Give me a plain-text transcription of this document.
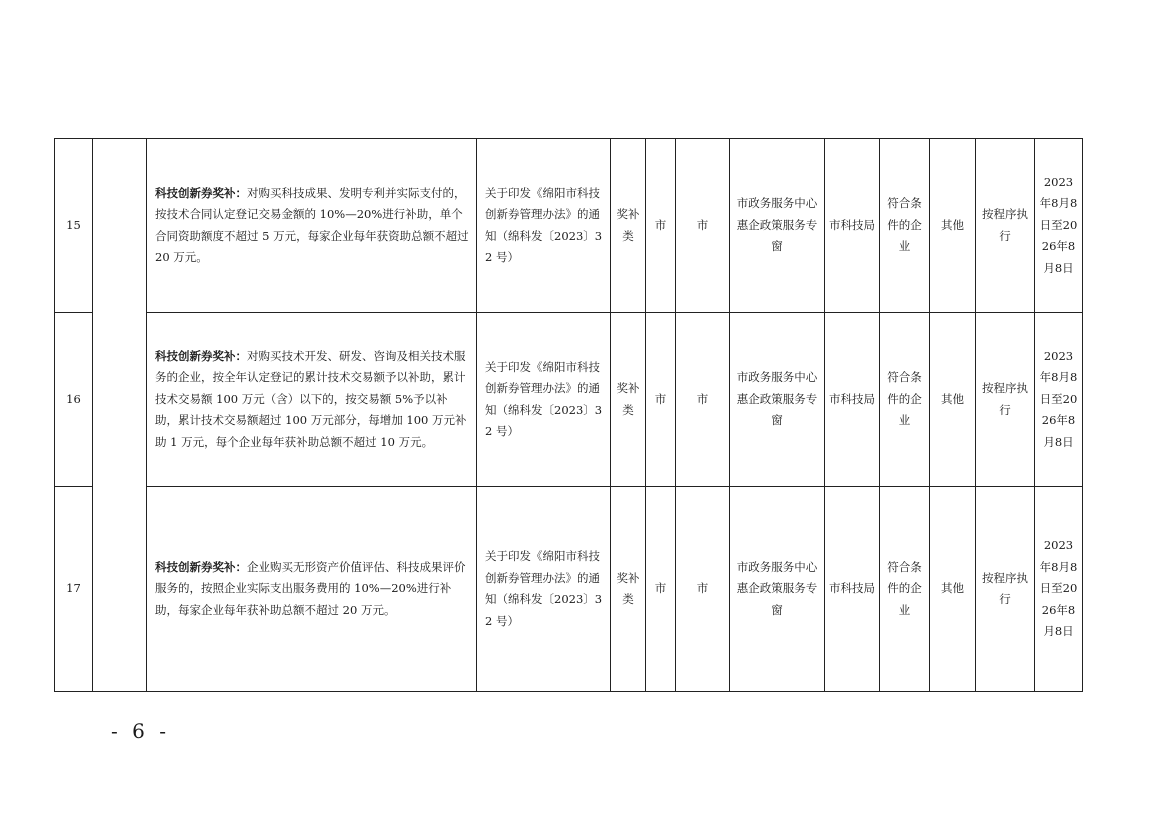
15		科技创新券奖补：对购买科技成果、发明专利并实际支付的，按技术合同认定登记交易金额的 10%—20%进行补助，单个合同资助额度不超过 5 万元，每家企业每年获资助总额不超过 20 万元。	关于印发《绵阳市科技创新券管理办法》的通知（绵科发〔2023〕32 号）	奖补类	市	市	市政务服务中心惠企政策服务专窗	市科技局	符合条件的企业	其他	按程序执行	2023年8月8日至2026年8月8日
16		科技创新券奖补：对购买技术开发、研发、咨询及相关技术服务的企业，按全年认定登记的累计技术交易额予以补助，累计技术交易额 100 万元（含）以下的，按交易额 5%予以补助，累计技术交易额超过 100 万元部分，每增加 100 万元补助 1 万元，每个企业每年获补助总额不超过 10 万元。	关于印发《绵阳市科技创新券管理办法》的通知（绵科发〔2023〕32 号）	奖补类	市	市	市政务服务中心惠企政策服务专窗	市科技局	符合条件的企业	其他	按程序执行	2023年8月8日至2026年8月8日
17		科技创新券奖补：企业购买无形资产价值评估、科技成果评价服务的，按照企业实际支出服务费用的 10%—20%进行补助，每家企业每年获补助总额不超过 20 万元。	关于印发《绵阳市科技创新券管理办法》的通知（绵科发〔2023〕32 号）	奖补类	市	市	市政务服务中心惠企政策服务专窗	市科技局	符合条件的企业	其他	按程序执行	2023年8月8日至2026年8月8日
- 6 -
